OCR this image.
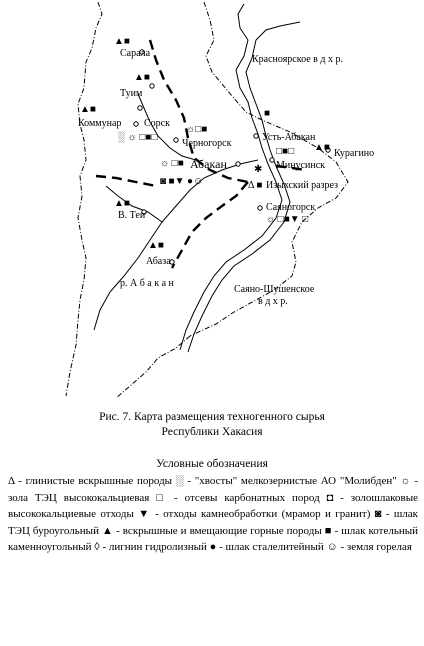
▲■
▲■
▲■
░ ☼ □■□
☼□■
☼ □■
◙ ■▼ ●☺
■
□■□ ▲■
Δ ■
▲■
☼ □■▼ □
▲■
✱
Красноярское в д х р.
Сарала
Туим
Коммунар Сорск
Черногорск
Усть-Абакан
Курагино
Минусинск
Абакан
Изыхский разрез
В. Теи
Саяногорск
Абаза
р. А б а к а н
Саяно-Шушенское
в д х р.
Рис. 7. Карта размещения техногенного сырья
Республики Хакасия
Условные обозначения
Δ - глинистые вскрышные породы ░ - "хвосты" мелкозернистые АО "Молибден" ☼ - зола ТЭЦ высококальциевая □ - отсевы карбонатных пород ◘ - золошлаковые высококальциевые отходы ▼ - отходы камнеобработки (мрамор и гранит) ◙ - шлак ТЭЦ буроугольный ▲ - вскрышные и вмещающие горные породы ■ - шлак котельный каменноугольный ◊ - лигнин гидролизный ● - шлак сталелитейный ☺ - земля горелая
